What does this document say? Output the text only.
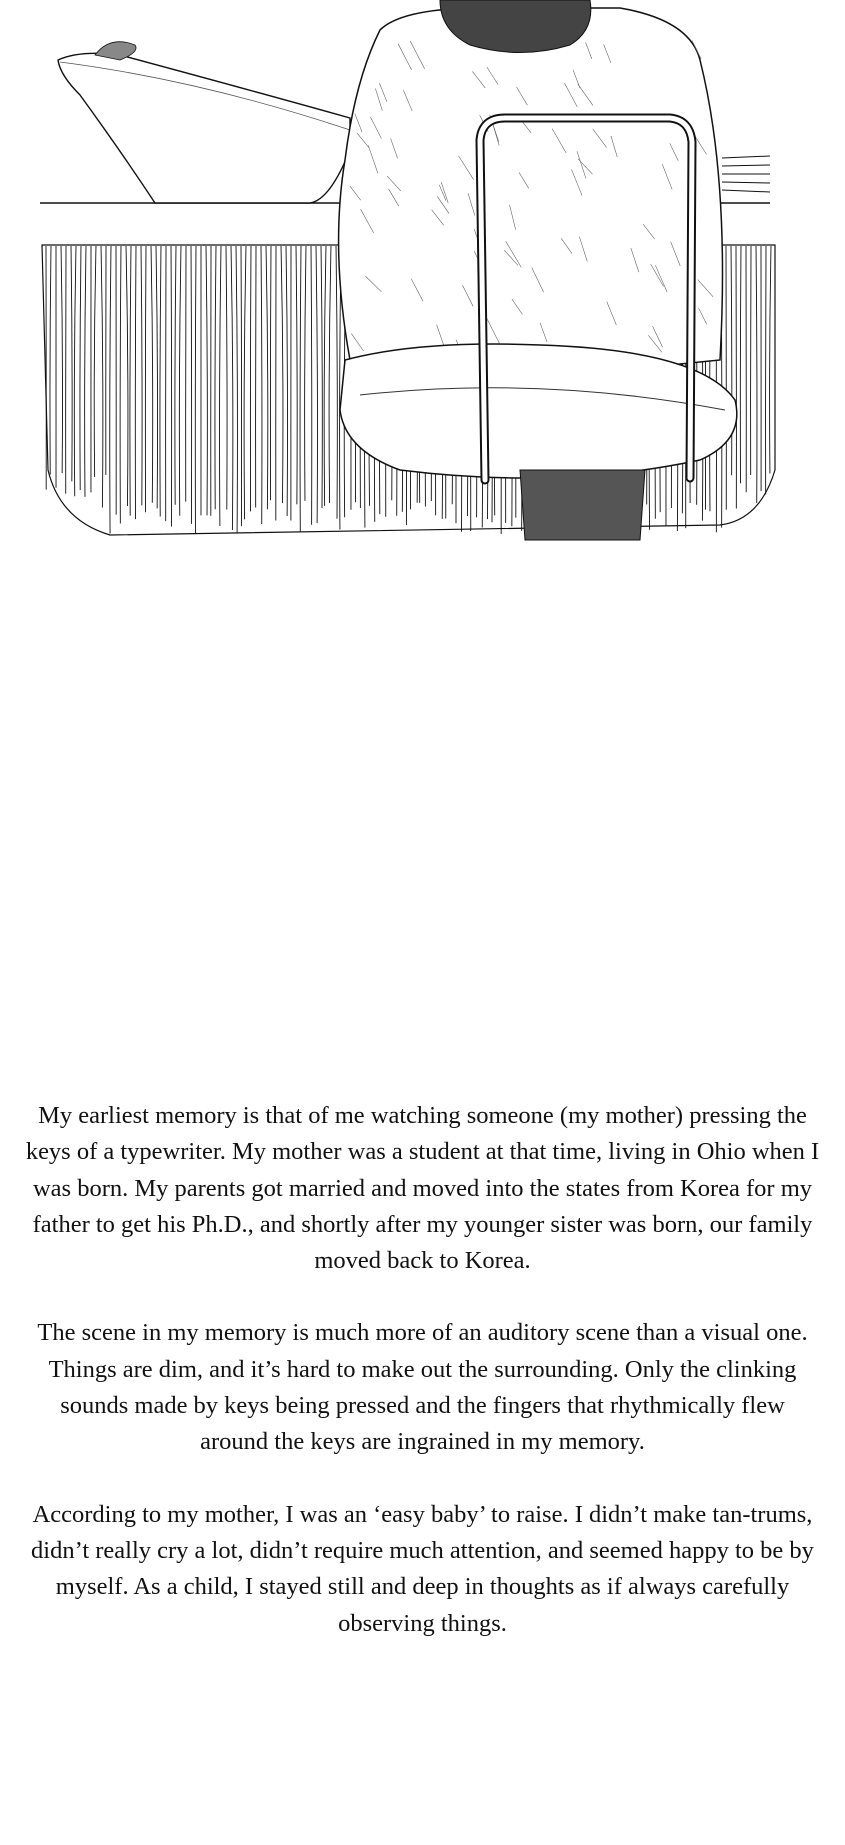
My earliest memory is that of me watching someone (my mother) pressing the keys of a typewriter. My mother was a student at that time, living in Ohio when I was born. My parents got married and moved into the states from Korea for my father to get his Ph.D., and shortly after my younger sister was born, our family moved back to Korea.

The scene in my memory is much more of an auditory scene than a visual one. Things are dim, and it’s hard to make out the surrounding. Only the clinking sounds made by keys being pressed and the fingers that rhythmically flew around the keys are ingrained in my memory.

According to my mother, I was an ‘easy baby’ to raise. I didn’t make tan-trums, didn’t really cry a lot, didn’t require much attention, and seemed happy to be by myself. As a child, I stayed still and deep in thoughts as if always carefully observing things.
